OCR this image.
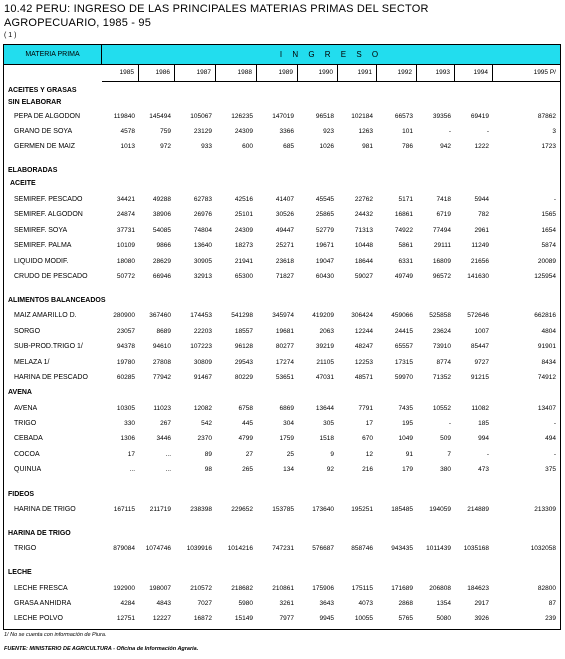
10.42 PERU: INGRESO DE LAS PRINCIPALES MATERIAS PRIMAS DEL SECTOR
AGROPECUARIO, 1985 - 95
( 1 )
MATERIA PRIMA	I N G R E S O
1985	1986	1987	1988	1989	1990	1991	1992	1993	1994	1995 P/
ACEITES Y GRASAS
SIN ELABORAR
PEPA DE ALGODON	119840	145494	105067	126235	147019	96518	102184	66573	39356	69419	87862
GRANO DE SOYA	4578	759	23129	24309	3366	923	1263	101	-	-	3
GERMEN DE MAIZ	1013	972	933	600	685	1026	981	786	942	1222	1723
ELABORADAS
ACEITE
SEMIREF. PESCADO	34421	49288	62783	42516	41407	45545	22762	5171	7418	5944	-
SEMIREF. ALGODON	24874	38906	26976	25101	30526	25865	24432	16861	6719	782	1565
SEMIREF. SOYA	37731	54085	74804	24309	49447	52779	71313	74922	77494	2961	1654
SEMIREF. PALMA	10109	9866	13640	18273	25271	19671	10448	5861	29111	11249	5874
LIQUIDO MODIF.	18080	28629	30905	21941	23618	19047	18644	6331	16809	21656	20089
CRUDO DE PESCADO	50772	66946	32913	65300	71827	60430	59027	49749	96572	141630	125954
ALIMENTOS BALANCEADOS
MAIZ AMARILLO D.	280900	367460	174453	541298	345974	419209	306424	459066	525858	572646	662816
SORGO	23057	8689	22203	18557	19681	2063	12244	24415	23624	1007	4804
SUB-PROD.TRIGO 1/	94378	94610	107223	96128	80277	39219	48247	65557	73910	85447	91901
MELAZA 1/	19780	27808	30809	29543	17274	21105	12253	17315	8774	9727	8434
HARINA DE PESCADO	60285	77942	91467	80229	53651	47031	48571	59970	71352	91215	74912
AVENA
AVENA	10305	11023	12082	6758	6869	13644	7791	7435	10552	11082	13407
TRIGO	330	267	542	445	304	305	17	195	-	185	-
CEBADA	1306	3446	2370	4799	1759	1518	670	1049	509	994	494
COCOA	17	...	89	27	25	9	12	91	7	-	-
QUINUA	...	...	98	265	134	92	216	179	380	473	375
FIDEOS
HARINA DE TRIGO	167115	211719	238398	229652	153785	173640	195251	185485	194059	214889	213309
HARINA DE TRIGO
TRIGO	879084	1074746	1039916	1014216	747231	576687	858746	943435	1011439	1035168	1032058
LECHE
LECHE FRESCA	192900	198007	210572	218682	210861	175906	175115	171689	206808	184623	82800
GRASA ANHIDRA	4284	4843	7027	5980	3261	3643	4073	2868	1354	2917	87
LECHE POLVO	12751	12227	16872	15149	7977	9945	10055	5765	5080	3926	239
1/ No se cuenta con información de Piura.
FUENTE: MINISTERIO DE AGRICULTURA - Oficina de Información Agraria.
